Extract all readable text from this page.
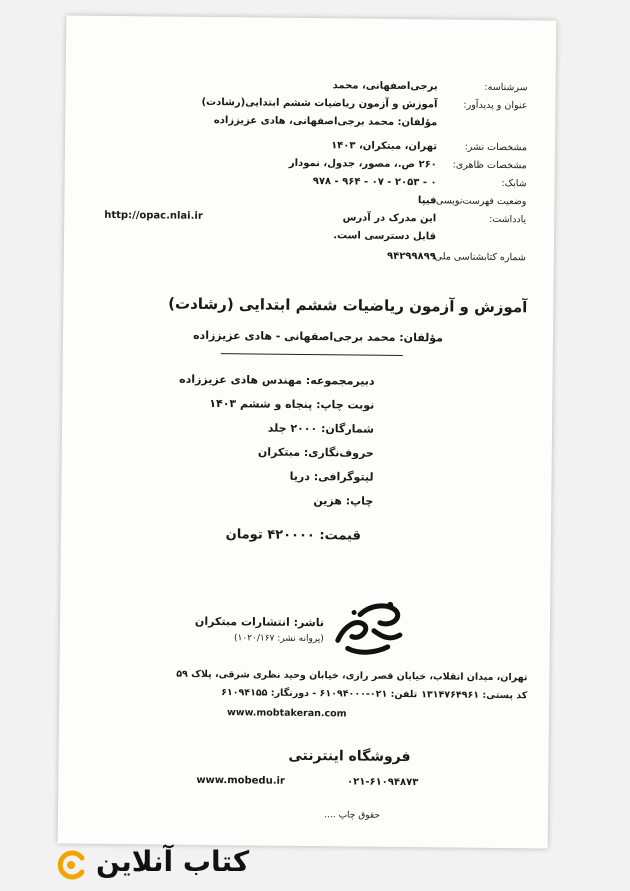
سرشناسه:
عنوان و پدیدآور:
مشخصات نشر:
مشخصات ظاهری:
شابک:
وضعیت فهرست‌نویسی:
یادداشت:
شماره کتابشناسی ملی:
برجی‌اصفهانی، محمد
آموزش و آزمون ریاضیات ششم ابتدایی(رشادت)
مؤلفان: محمد برجی‌اصفهانی، هادی عزیززاده
تهران، مبتکران، ۱۴۰۳
۲۶۰ ص.، مصور، جدول، نمودار
۰ - ۲۰۵۳ - ۰۷ - ۹۶۴ - ۹۷۸
فیپا
این مدرک در آدرس
http://opac.nlai.ir
قابل دسترسی است.
۹۴۲۹۹۸۹۹
آموزش و آزمون ریاضیات ششم ابتدایی (رشادت)
مؤلفان: محمد برجی‌اصفهانی - هادی عزیززاده
دبیرمجموعه: مهندس هادی عزیززاده
نوبت چاپ: پنجاه و ششم ۱۴۰۳
شمارگان: ۲۰۰۰ جلد
حروف‌نگاری: مبتکران
لیتوگرافی: دریا
چاپ: هزین
قیمت: ۴۲۰۰۰۰ تومان
ناشر: انتشارات مبتکران
(پروانه نشر: ۱۰۲۰/۱۶۷)
تهران، میدان انقلاب، خیابان قصر رازی، خیابان وحید نظری شرقی، پلاک ۵۹
کد پستی: ۱۳۱۴۷۶۴۹۶۱
تلفن: ۰۲۱-۶۱۰۹۴۰۰۰ - دورنگار: ۶۱۰۹۴۱۵۵
www.mobtakeran.com
فروشگاه اینترنتی
www.mobedu.ir	۰۲۱-۶۱۰۹۴۸۷۳
حقوق چاپ ....
کتاب آنلاین
